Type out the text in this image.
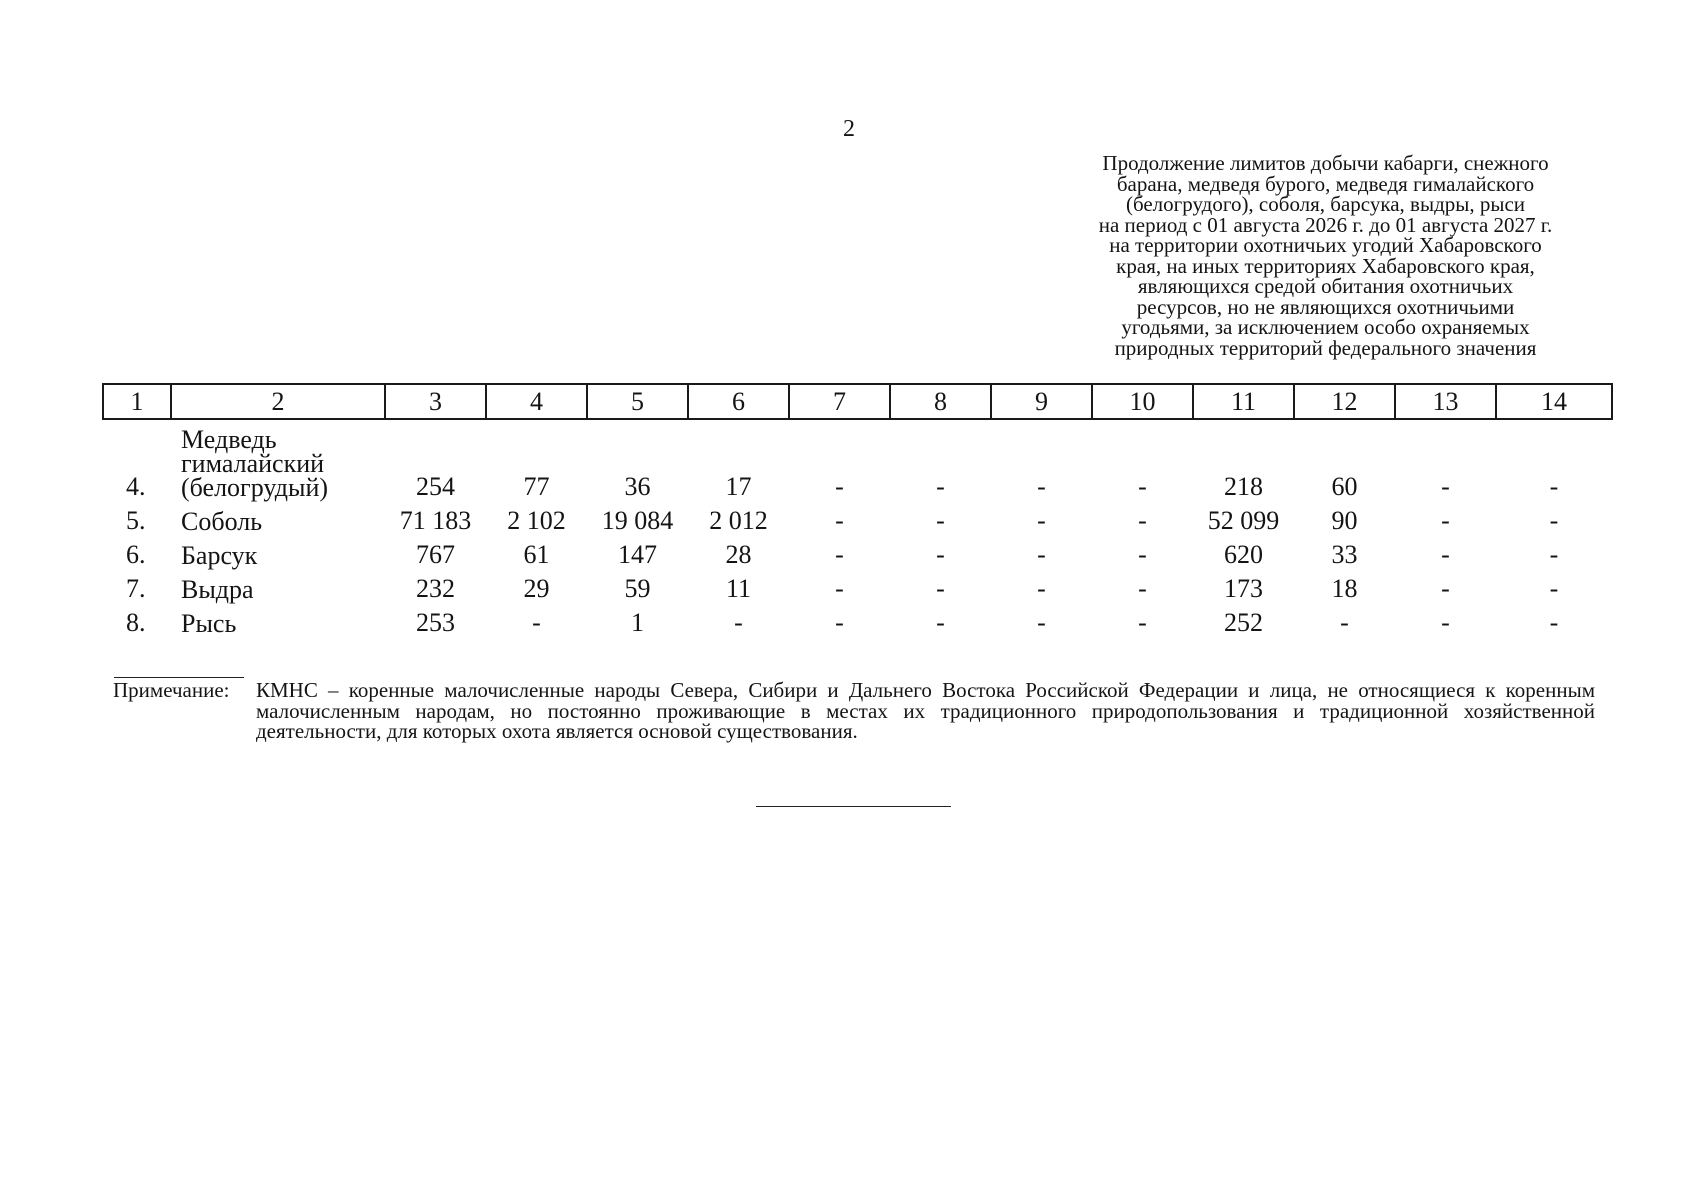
2
Продолжение лимитов добычи кабарги, снежного
барана, медведя бурого, медведя гималайского
(белогрудого), соболя, барсука, выдры, рыси
на период с 01 августа 2026 г. до 01 августа 2027 г.
на территории охотничьих угодий Хабаровского
края, на иных территориях Хабаровского края,
являющихся средой обитания охотничьих
ресурсов, но не являющихся охотничьими
угодьями, за исключением особо охраняемых
природных территорий федерального значения
1	2	3	4	5	6	7	8	9	10	11	12	13	14
4.	Медведь
гималайский
(белогрудый)	254	77	36	17	-	-	-	-	218	60	-	-
5.	Соболь	71 183	2 102	19 084	2 012	-	-	-	-	52 099	90	-	-
6.	Барсук	767	61	147	28	-	-	-	-	620	33	-	-
7.	Выдра	232	29	59	11	-	-	-	-	173	18	-	-
8.	Рысь	253	-	1	-	-	-	-	-	252	-	-	-
Примечание: КМНС – коренные малочисленные народы Севера, Сибири и Дальнего Востока Российской Федерации и лица, не относящиеся к коренным малочисленным народам, но постоянно проживающие в местах их традиционного природопользования и традиционной хозяйственной деятельности, для которых охота является основой существования.
